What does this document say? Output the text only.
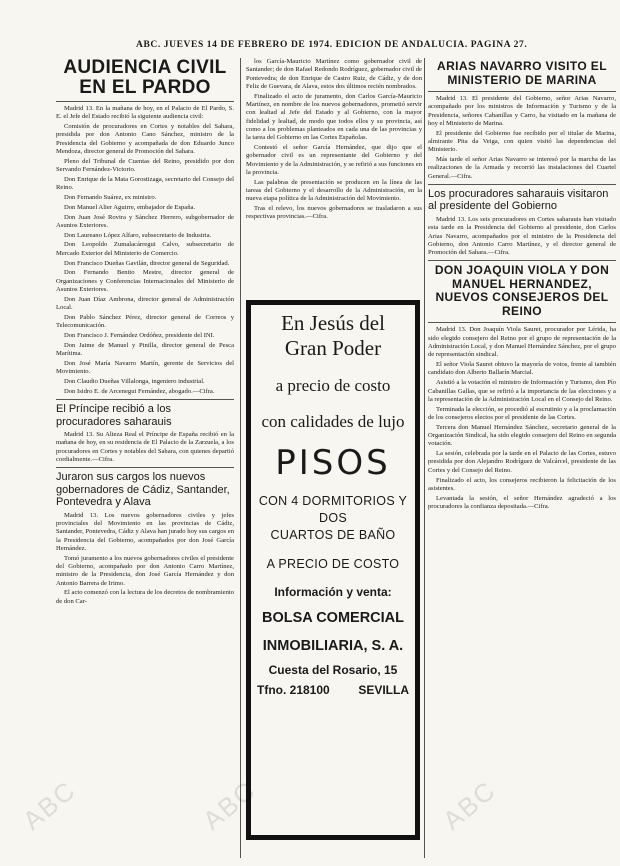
ABC. JUEVES 14 DE FEBRERO DE 1974. EDICION DE ANDALUCIA. PAGINA 27.
AUDIENCIA CIVIL EN EL PARDO

Madrid 13. En la mañana de hoy, en el Palacio de El Pardo, S. E. el Jefe del Estado recibió la siguiente audiencia civil:

Comisión de procuradores en Cortes y notables del Sahara, presidida por don Antonio Cano Sánchez, ministro de la Presidencia del Gobierno y acompañada de don Eduardo Junco Mendoza, director general de Promoción del Sahara.

Pleno del Tribunal de Cuentas del Reino, presidido por don Servando Fernández-Victorio.

Don Enrique de la Mata Gorostizaga, secretario del Consejo del Reino.

Don Fernando Suárez, ex ministro.

Don Manuel Alier Aguirre, embajador de España.

Don Juan José Rovira y Sánchez Herrero, subgobernador de Asuntos Exteriores.

Don Laureano López Alfaro, subsecretario de Industria.

Don Leopoldo Zumalacárregui Calvo, subsecretario de Mercado Exterior del Ministerio de Comercio.

Don Francisco Dueñas Gavilán, director general de Seguridad.

Don Fernando Benito Mestre, director general de Organizaciones y Conferencias Internacionales del Ministerio de Asuntos Exteriores.

Don Juan Díaz Ambrona, director general de Administración Local.

Don Pablo Sánchez Pérez, director general de Correos y Telecomunicación.

Don Francisco J. Fernández Ordóñez, presidente del INI.

Don Jaime de Manuel y Pinilla, director general de Pesca Marítima.

Don José María Navarro Martín, gerente de Servicios del Movimiento.

Don Claudio Dueñas Villalonga, ingeniero industrial.

Don Isidro E. de Arcenegui Fernández, abogado.—Cifra.

El Príncipe recibió a los procuradores saharauis

Madrid 13. Su Alteza Real el Príncipe de España recibió en la mañana de hoy, en su residencia de El Palacio de la Zarzuela, a los procuradores en Cortes y notables del Sahara, con quienes departió cordialmente.—Cifra.

Juraron sus cargos los nuevos gobernadores de Cádiz, Santander, Pontevedra y Alava

Madrid 13. Los nuevos gobernadores civiles y jefes provinciales del Movimiento en las provincias de Cádiz, Santander, Pontevedra, Cádiz y Alava han jurado hoy sus cargos en la Presidencia del Gobierno, acompañados por don José García Hernández.

Tomó juramento a los nuevos gobernadores civiles el presidente del Gobierno, acompañado por don Antonio Carro Martínez, ministro de la Presidencia, don José García Hernández y don Antonio Barrera de Irimo.

El acto comenzó con la lectura de los decretos de nombramiento de don Car-

los García-Mauricio Martínez como gobernador civil de Santander; de don Rafael Redondo Rodríguez, gobernador civil de Pontevedra; de don Enrique de Castro Ruiz, de Cádiz, y de don Feliz de Guevara, de Alava, estos dos últimos recién nombrados.

Finalizado el acto de juramento, don Carlos García-Mauricio Martínez, en nombre de los nuevos gobernadores, prometió servir con lealtad al Jefe del Estado y al Gobierno, con la mayor fidelidad y lealtad, de modo que todos ellos y su provincia, así como a los problemas planteados en cada una de las provincias y la tarea del Gobierno en las Cortes Españolas.

Contestó el señor García Hernández, que dijo que el gobernador civil es un representante del Gobierno y del Movimiento y de la Administración, y se refirió a sus funciones en la provincia.

Las palabras de presentación se producen en la línea de las tareas del Gobierno y el desarrollo de la Administración, en la nueva etapa política de la Administración del Movimiento.

Tras el relevo, los nuevos gobernadores se trasladaron a sus respectivas provincias.—Cifra.

En Jesús del
Gran Poder
a precio de costo
con calidades de lujo
PISOS
CON 4 DORMITORIOS Y DOS
CUARTOS DE BAÑO
A PRECIO DE COSTO
Información y venta:
BOLSA COMERCIAL
INMOBILIARIA, S. A.
Cuesta del Rosario, 15
Tfno. 218100 SEVILLA
ARIAS NAVARRO VISITO EL MINISTERIO DE MARINA

Madrid 13. El presidente del Gobierno, señor Arias Navarro, acompañado por los ministros de Información y Turismo y de la Presidencia, señores Cabanillas y Carro, ha visitado en la mañana de hoy el Ministerio de Marina.

El presidente del Gobierno fue recibido por el titular de Marina, almirante Pita da Veiga, con quien visitó las dependencias del Ministerio.

Más tarde el señor Arias Navarro se interesó por la marcha de las realizaciones de la Armada y recorrió las instalaciones del Cuartel General.—Cifra.

Los procuradores saharauis visitaron al presidente del Gobierno

Madrid 13. Los seis procuradores en Cortes saharauis han visitado esta tarde en la Presidencia del Gobierno al presidente, don Carlos Arias Navarro, acompañados por el ministro de la Presidencia del Gobierno, don Antonio Carro Martínez, y el director general de Promoción del Sahara.—Cifra.

DON JOAQUIN VIOLA Y DON MANUEL HERNANDEZ, NUEVOS CONSEJEROS DEL REINO

Madrid 13. Don Joaquín Viola Sauret, procurador por Lérida, ha sido elegido consejero del Reino por el grupo de representación de la Administración Local, y don Manuel Hernández Sánchez, por el grupo de representación sindical.

El señor Viola Sauret obtuvo la mayoría de votos, frente al también candidato don Alberto Ballarín Marcial.

Asistió a la votación el ministro de Información y Turismo, don Pío Cabanillas Gallas, que se refirió a la importancia de las elecciones y a la representación de la Administración Local en el Consejo del Reino.

Terminada la elección, se procedió al escrutinio y a la proclamación de los consejeros electos por el presidente de las Cortes.

Tercera don Manuel Hernández Sánchez, secretario general de la Organización Sindical, ha sido elegido consejero del Reino en segunda votación.

La sesión, celebrada por la tarde en el Palacio de las Cortes, estuvo presidida por don Alejandro Rodríguez de Valcárcel, presidente de las Cortes y del Consejo del Reino.

Finalizado el acto, los consejeros recibieron la felicitación de los asistentes.

Levantada la sesión, el señor Hernández agradeció a los procuradores la confianza depositada.—Cifra.

ABC	ABC	ABC
